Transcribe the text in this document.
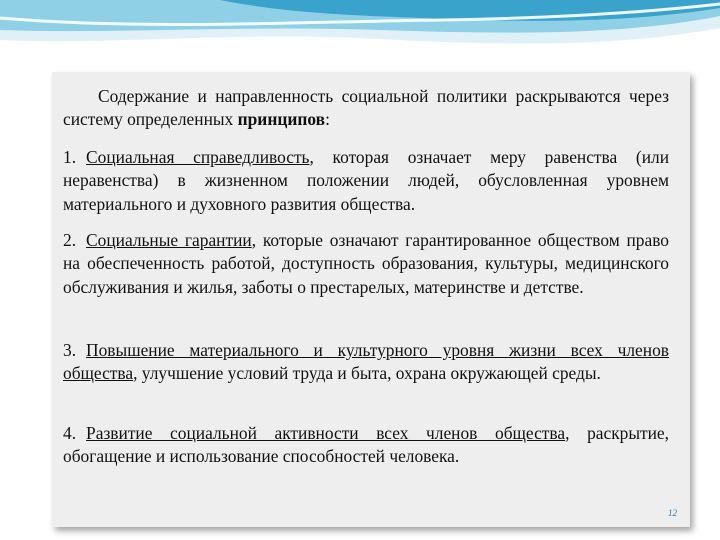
Содержание и направленность социальной политики раскрываются через систему определенных принципов:

1. Социальная справедливость, которая означает меру равенства (или неравенства) в жизненном положении людей, обусловленная уровнем материального и духовного развития общества.

2. Социальные гарантии, которые означают гарантированное обществом право на обеспеченность работой, доступность образования, культуры, медицинского обслуживания и жилья, заботы о престарелых, материнстве и детстве.

3. Повышение материального и культурного уровня жизни всех членов общества, улучшение условий труда и быта, охрана окружающей среды.

4. Развитие социальной активности всех членов общества, раскрытие, обогащение и использование способностей человека.

12
